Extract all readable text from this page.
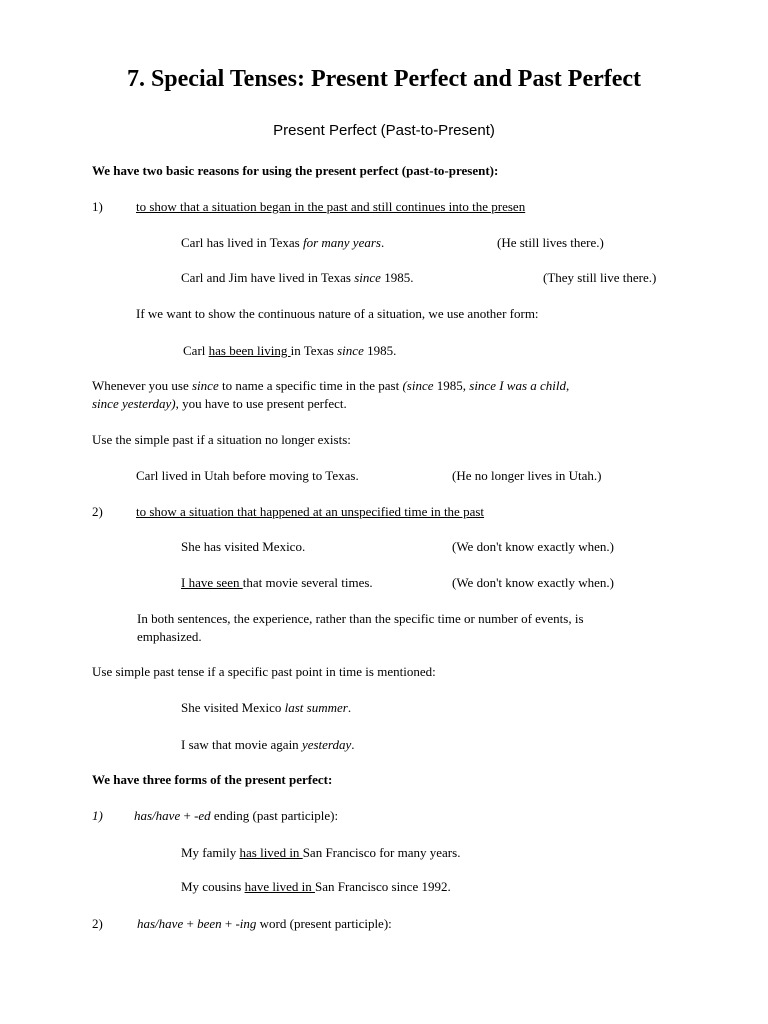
7. Special Tenses: Present Perfect and Past Perfect
Present Perfect (Past-to-Present)
We have two basic reasons for using the present perfect (past-to-present):
1)	to show that a situation began in the past and still continues into the presen
Carl has lived in Texas for many years.	(He still lives there.)
Carl and Jim have lived in Texas since 1985.	(They still live there.)
If we want to show the continuous nature of a situation, we use another form:
Carl has been living in Texas since 1985.
Whenever you use since to name a specific time in the past (since 1985, since I was a child,
since yesterday), you have to use present perfect.
Use the simple past if a situation no longer exists:
Carl lived in Utah before moving to Texas.	(He no longer lives in Utah.)
2)	to show a situation that happened at an unspecified time in the past
She has visited Mexico.	(We don't know exactly when.)
I have seen that movie several times.	(We don't know exactly when.)
In both sentences, the experience, rather than the specific time or number of events, is
emphasized.
Use simple past tense if a specific past point in time is mentioned:
She visited Mexico last summer.
I saw that movie again yesterday.
We have three forms of the present perfect:
1) has/have + -ed ending (past participle):
My family has lived in San Francisco for many years.
My cousins have lived in San Francisco since 1992.
2)	has/have + been + -ing word (present participle):
